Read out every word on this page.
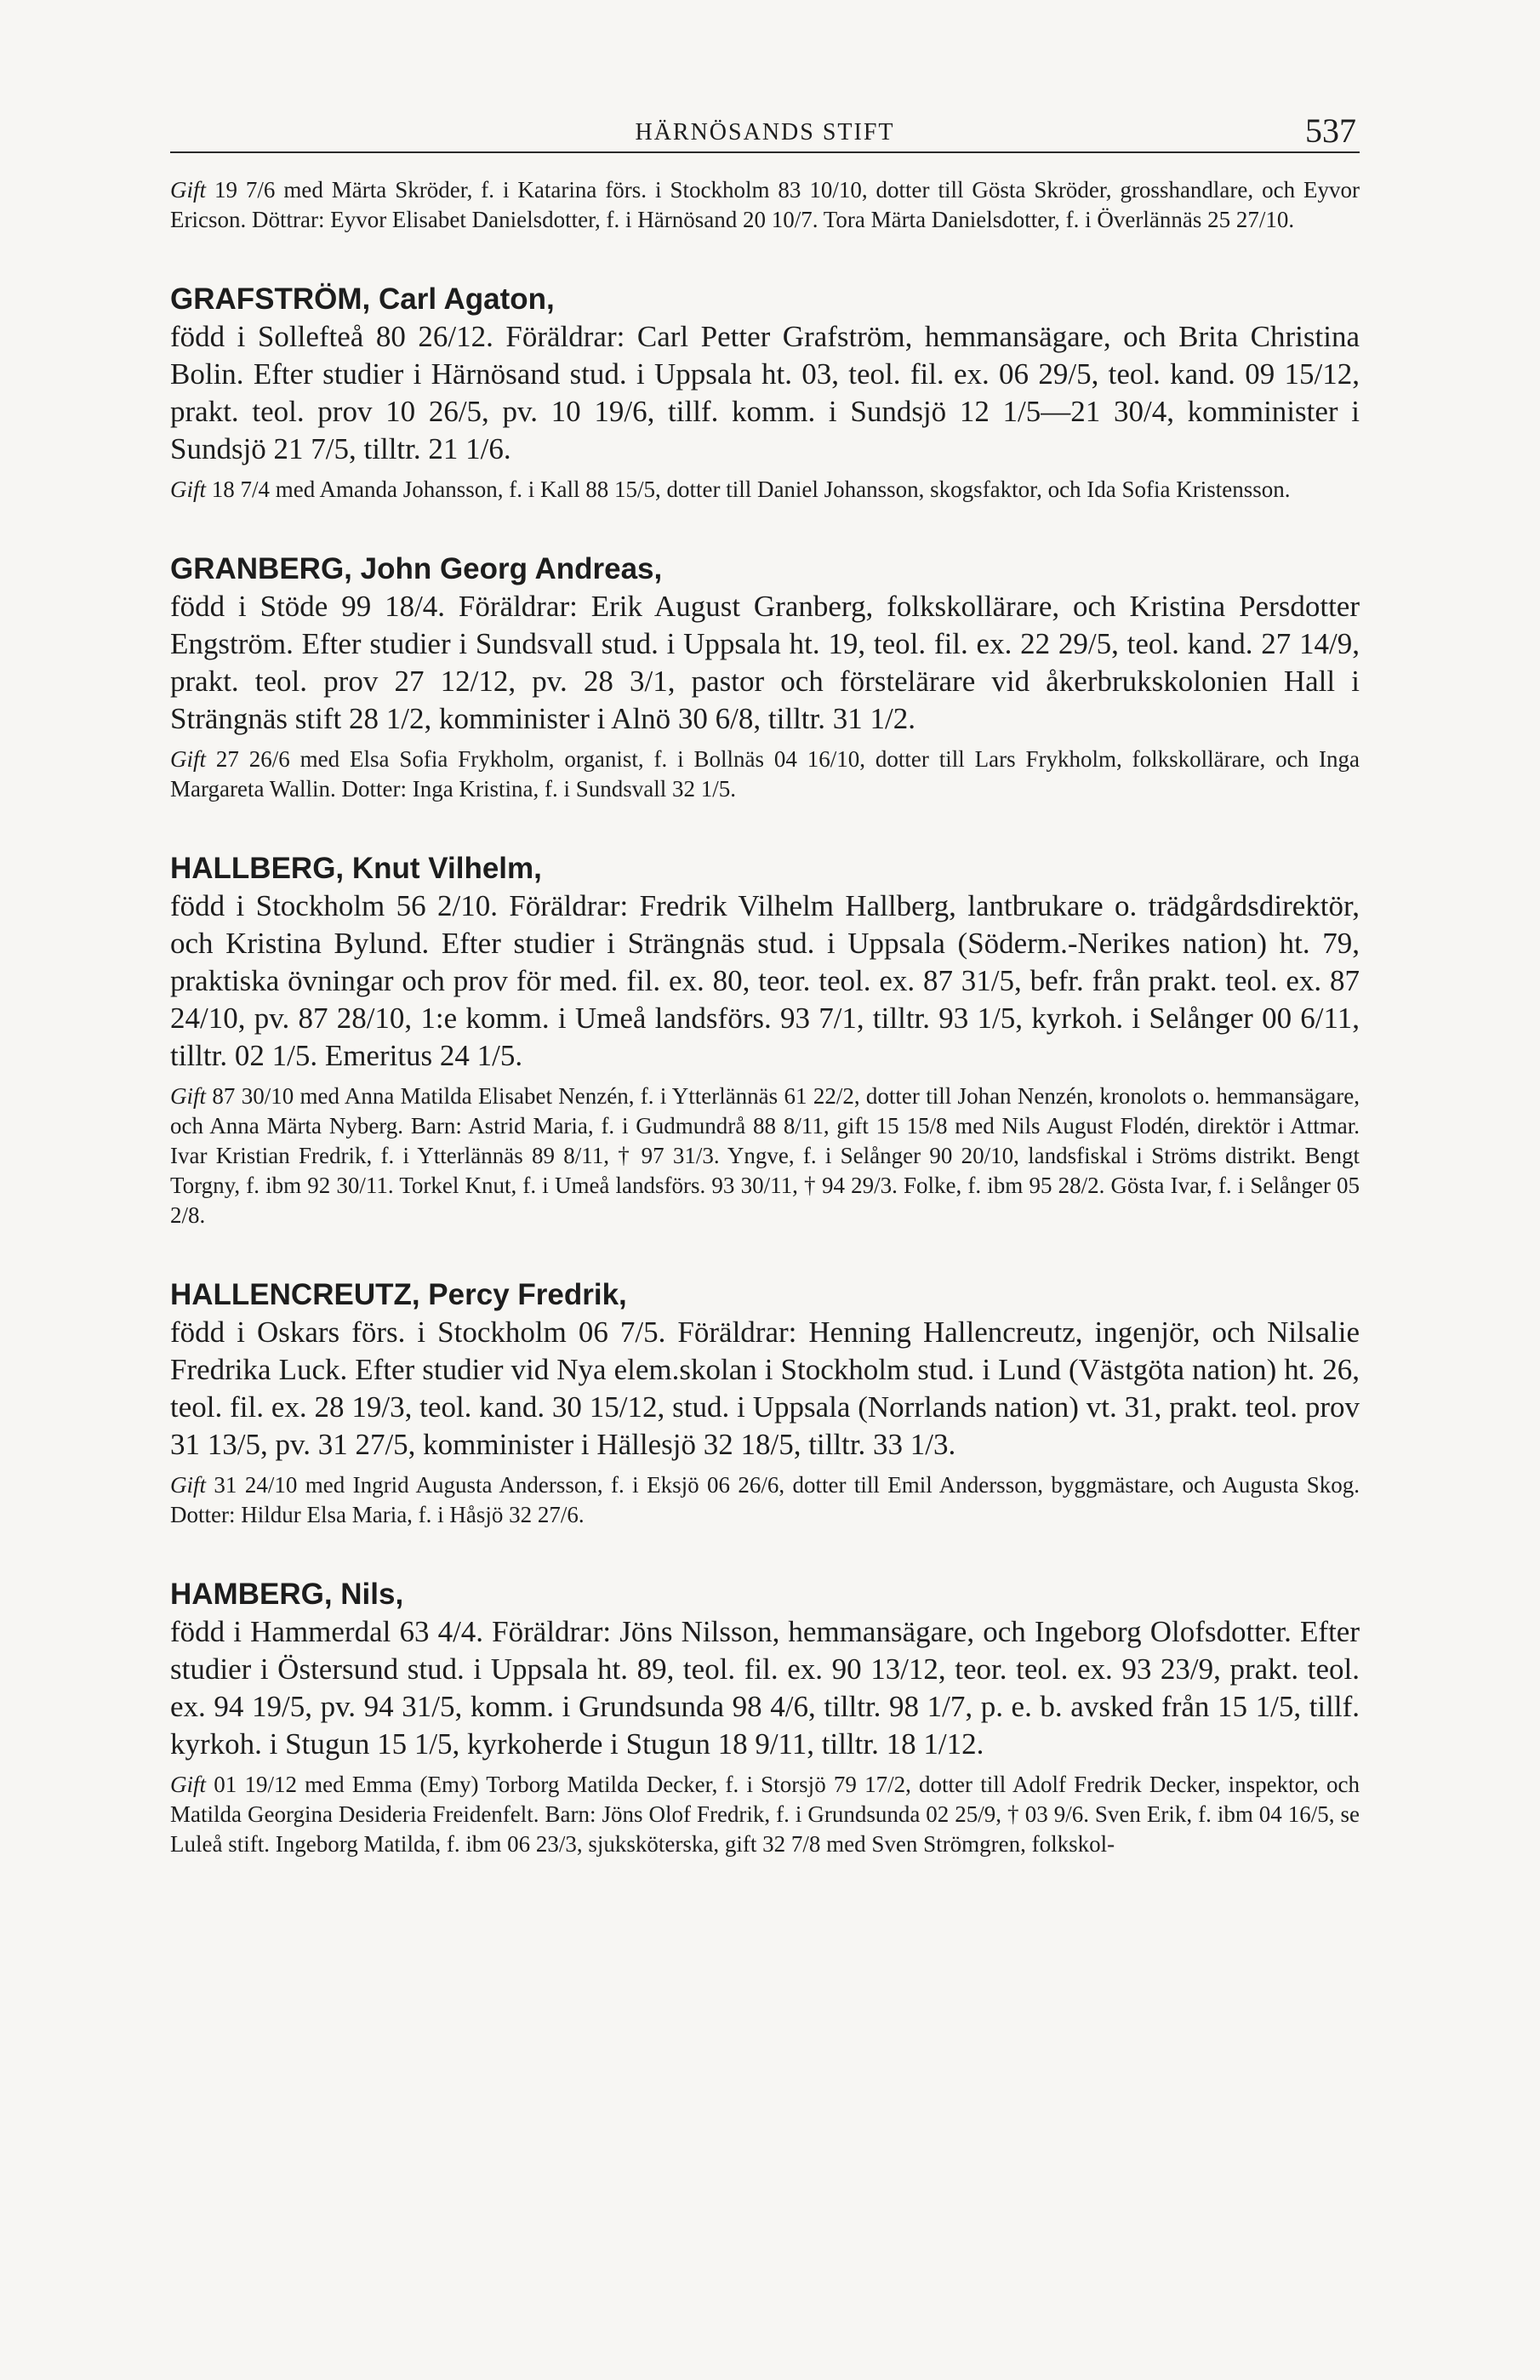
HÄRNÖSANDS STIFT	537

Gift 19 7/6 med Märta Skröder, f. i Katarina förs. i Stockholm 83 10/10, dotter till Gösta Skröder, grosshandlare, och Eyvor Ericson. Döttrar: Eyvor Elisabet Danielsdotter, f. i Härnösand 20 10/7. Tora Märta Danielsdotter, f. i Överlännäs 25 27/10.

GRAFSTRÖM, Carl Agaton,

född i Sollefteå 80 26/12. Föräldrar: Carl Petter Grafström, hemmansägare, och Brita Christina Bolin. Efter studier i Härnösand stud. i Uppsala ht. 03, teol. fil. ex. 06 29/5, teol. kand. 09 15/12, prakt. teol. prov 10 26/5, pv. 10 19/6, tillf. komm. i Sundsjö 12 1/5—21 30/4, komminister i Sundsjö 21 7/5, tilltr. 21 1/6.

Gift 18 7/4 med Amanda Johansson, f. i Kall 88 15/5, dotter till Daniel Johansson, skogsfaktor, och Ida Sofia Kristensson.

GRANBERG, John Georg Andreas,

född i Stöde 99 18/4. Föräldrar: Erik August Granberg, folkskollärare, och Kristina Persdotter Engström. Efter studier i Sundsvall stud. i Uppsala ht. 19, teol. fil. ex. 22 29/5, teol. kand. 27 14/9, prakt. teol. prov 27 12/12, pv. 28 3/1, pastor och förstelärare vid åkerbrukskolonien Hall i Strängnäs stift 28 1/2, komminister i Alnö 30 6/8, tilltr. 31 1/2.

Gift 27 26/6 med Elsa Sofia Frykholm, organist, f. i Bollnäs 04 16/10, dotter till Lars Frykholm, folkskollärare, och Inga Margareta Wallin. Dotter: Inga Kristina, f. i Sundsvall 32 1/5.

HALLBERG, Knut Vilhelm,

född i Stockholm 56 2/10. Föräldrar: Fredrik Vilhelm Hallberg, lantbrukare o. trädgårdsdirektör, och Kristina Bylund. Efter studier i Strängnäs stud. i Uppsala (Söderm.-Nerikes nation) ht. 79, praktiska övningar och prov för med. fil. ex. 80, teor. teol. ex. 87 31/5, befr. från prakt. teol. ex. 87 24/10, pv. 87 28/10, 1:e komm. i Umeå landsförs. 93 7/1, tilltr. 93 1/5, kyrkoh. i Selånger 00 6/11, tilltr. 02 1/5. Emeritus 24 1/5.

Gift 87 30/10 med Anna Matilda Elisabet Nenzén, f. i Ytterlännäs 61 22/2, dotter till Johan Nenzén, kronolots o. hemmansägare, och Anna Märta Nyberg. Barn: Astrid Maria, f. i Gudmundrå 88 8/11, gift 15 15/8 med Nils August Flodén, direktör i Attmar. Ivar Kristian Fredrik, f. i Ytterlännäs 89 8/11, † 97 31/3. Yngve, f. i Selånger 90 20/10, landsfiskal i Ströms distrikt. Bengt Torgny, f. ibm 92 30/11. Torkel Knut, f. i Umeå landsförs. 93 30/11, † 94 29/3. Folke, f. ibm 95 28/2. Gösta Ivar, f. i Selånger 05 2/8.

HALLENCREUTZ, Percy Fredrik,

född i Oskars förs. i Stockholm 06 7/5. Föräldrar: Henning Hallencreutz, ingenjör, och Nilsalie Fredrika Luck. Efter studier vid Nya elem.skolan i Stockholm stud. i Lund (Västgöta nation) ht. 26, teol. fil. ex. 28 19/3, teol. kand. 30 15/12, stud. i Uppsala (Norrlands nation) vt. 31, prakt. teol. prov 31 13/5, pv. 31 27/5, komminister i Hällesjö 32 18/5, tilltr. 33 1/3.

Gift 31 24/10 med Ingrid Augusta Andersson, f. i Eksjö 06 26/6, dotter till Emil Andersson, byggmästare, och Augusta Skog. Dotter: Hildur Elsa Maria, f. i Håsjö 32 27/6.

HAMBERG, Nils,

född i Hammerdal 63 4/4. Föräldrar: Jöns Nilsson, hemmansägare, och Ingeborg Olofsdotter. Efter studier i Östersund stud. i Uppsala ht. 89, teol. fil. ex. 90 13/12, teor. teol. ex. 93 23/9, prakt. teol. ex. 94 19/5, pv. 94 31/5, komm. i Grundsunda 98 4/6, tilltr. 98 1/7, p. e. b. avsked från 15 1/5, tillf. kyrkoh. i Stugun 15 1/5, kyrkoherde i Stugun 18 9/11, tilltr. 18 1/12.

Gift 01 19/12 med Emma (Emy) Torborg Matilda Decker, f. i Storsjö 79 17/2, dotter till Adolf Fredrik Decker, inspektor, och Matilda Georgina Desideria Freidenfelt. Barn: Jöns Olof Fredrik, f. i Grundsunda 02 25/9, † 03 9/6. Sven Erik, f. ibm 04 16/5, se Luleå stift. Ingeborg Matilda, f. ibm 06 23/3, sjuksköterska, gift 32 7/8 med Sven Strömgren, folkskol-
